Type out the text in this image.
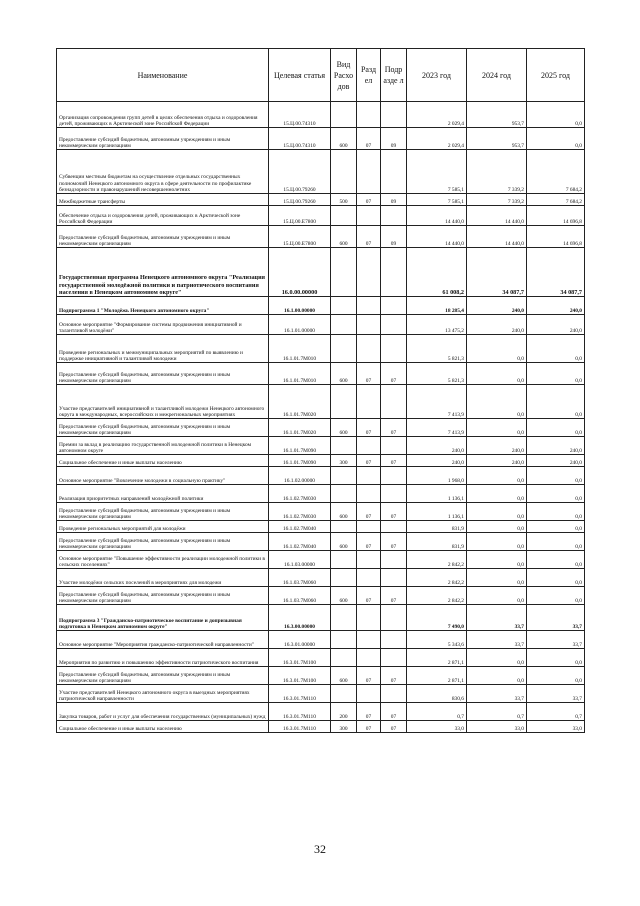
Наименование	Целевая статья	Вид Расхо дов	Разд ел	Подр азде л	2023 год	2024 год	2025 год
Организация сопровождения групп детей в целях обеспечения отдыха и оздоровления детей, проживающих в Арктической зоне Российской Федерации	15.Ц.00.74310				2 029,4	953,7	0,0
Предоставление субсидий бюджетным, автономным учреждениям и иным некоммерческим организациям	15.Ц.00.74310	600	07	09	2 029,4	953,7	0,0
Субвенции местным бюджетам на осуществление отдельных государственных полномочий Ненецкого автономного округа в сфере деятельности по профилактике безнадзорности и правонарушений несовершеннолетних	15.Ц.00.79260				7 585,1	7 339,2	7 684,2
Межбюджетные трансферты	15.Ц.00.79260	500	07	09	7 585,1	7 339,2	7 684,2
Обеспечение отдыха и оздоровления детей, проживающих в Арктической зоне Российской Федерации	15.Ц.00.Е7800				14 440,0	14 440,0	14 696,8
Предоставление субсидий бюджетным, автономным учреждениям и иным некоммерческим организациям	15.Ц.00.Е7800	600	07	09	14 440,0	14 440,0	14 696,8
Государственная программа Ненецкого автономного округа "Реализация государственной молодёжной политики и патриотического воспитания населения в Ненецком автономном округе"	16.0.00.00000				61 008,2	34 087,7	34 087,7
Подпрограмма 1 "Молодёжь Ненецкого автономного округа"	16.1.00.00000				18 285,4	240,0	240,0
Основное мероприятие "Формирование системы продвижения инициативной и талантливой молодёжи"	16.1.01.00000				13 475,2	240,0	240,0
Проведение региональных и межмуниципальных мероприятий по выявлению и поддержке инициативной и талантливой молодежи	16.1.01.7М010				5 821,3	0,0	0,0
Предоставление субсидий бюджетным, автономным учреждениям и иным некоммерческим организациям	16.1.01.7М010	600	07	07	5 821,3	0,0	0,0
Участие представителей инициативной и талантливой молодежи Ненецкого автономного округа в международных, всероссийских и межрегиональных мероприятиях	16.1.01.7М020				7 413,9	0,0	0,0
Предоставление субсидий бюджетным, автономным учреждениям и иным некоммерческим организациям	16.1.01.7М020	600	07	07	7 413,9	0,0	0,0
Премии за вклад в реализацию государственной молодежной политики в Ненецком автономном округе	16.1.01.7М090				240,0	240,0	240,0
Социальное обеспечение и иные выплаты населению	16.1.01.7М090	300	07	07	240,0	240,0	240,0
Основное мероприятие "Вовлечение молодежи в социальную практику"	16.1.02.00000				1 968,0	0,0	0,0
Реализация приоритетных направлений молодёжной политики	16.1.02.7М030				1 136,1	0,0	0,0
Предоставление субсидий бюджетным, автономным учреждениям и иным некоммерческим организациям	16.1.02.7М030	600	07	07	1 136,1	0,0	0,0
Проведение региональных мероприятий для молодёжи	16.1.02.7М040				831,9	0,0	0,0
Предоставление субсидий бюджетным, автономным учреждениям и иным некоммерческим организациям	16.1.02.7М040	600	07	07	831,9	0,0	0,0
Основное мероприятие "Повышение эффективности реализации молодежной политики в сельских поселениях"	16.1.03.00000				2 842,2	0,0	0,0
Участие молодёжи сельских поселений в мероприятиях для молодежи	16.1.03.7М060				2 842,2	0,0	0,0
Предоставление субсидий бюджетным, автономным учреждениям и иным некоммерческим организациям	16.1.03.7М060	600	07	07	2 842,2	0,0	0,0
Подпрограмма 3 "Гражданско-патриотическое воспитание и допризывная подготовка в Ненецком автономном округе"	16.3.00.00000				7 490,0	33,7	33,7
Основное мероприятие "Мероприятия гражданско-патриотической направленности"	16.3.01.00000				5 343,6	33,7	33,7
Мероприятия по развитию и повышению эффективности патриотического воспитания	16.3.01.7М100				2 871,1	0,0	0,0
Предоставление субсидий бюджетным, автономным учреждениям и иным некоммерческим организациям	16.3.01.7М100	600	07	07	2 871,1	0,0	0,0
Участие представителей Ненецкого автономного округа в выездных мероприятиях патриотической направленности	16.3.01.7М110				830,6	33,7	33,7
Закупка товаров, работ и услуг для обеспечения государственных (муниципальных) нужд	16.3.01.7М110	200	07	07	0,7	0,7	0,7
Социальное обеспечение и иные выплаты населению	16.3.01.7М110	300	07	07	33,0	33,0	33,0
32
